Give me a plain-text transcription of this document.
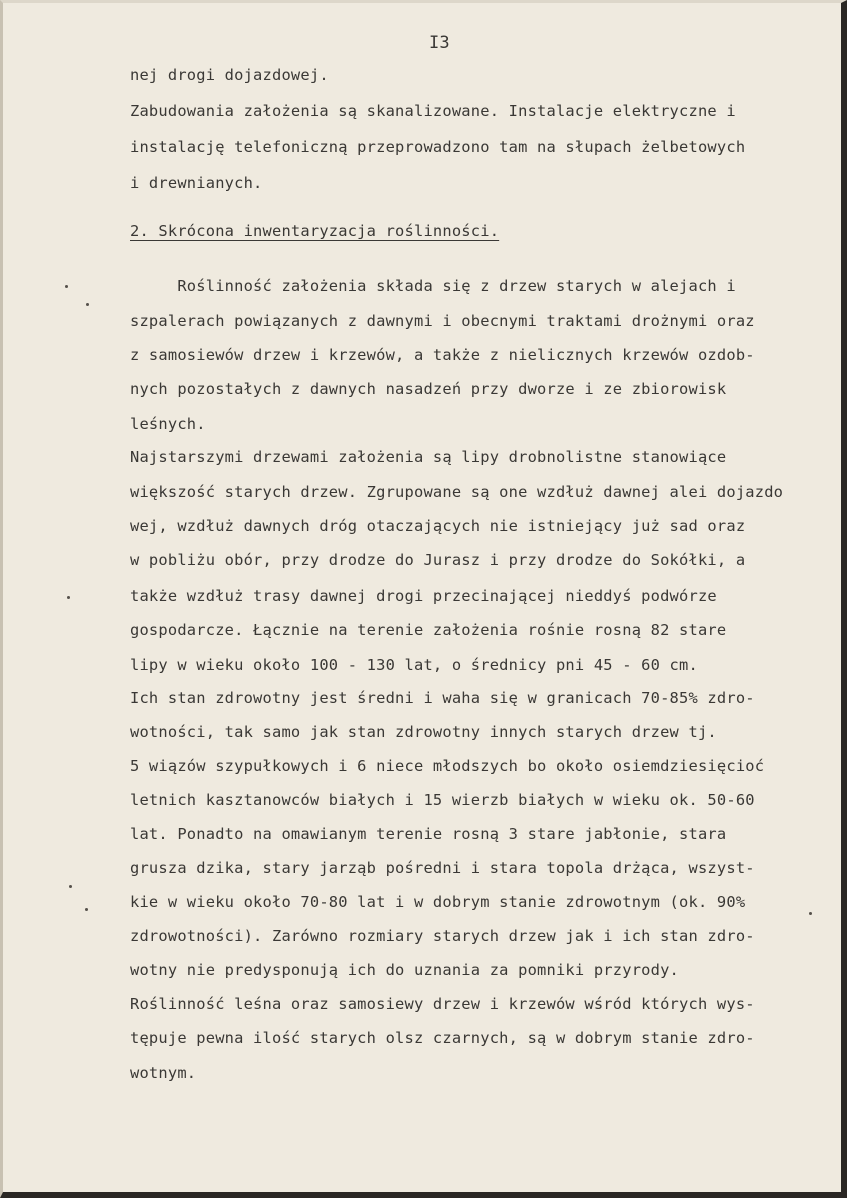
I3
nej drogi dojazdowej.
Zabudowania założenia są skanalizowane. Instalacje elektryczne i
instalację telefoniczną przeprowadzono tam na słupach żelbetowych
i drewnianych.
2. Skrócona inwentaryzacja roślinności.
Roślinność założenia składa się z drzew starych w alejach i
szpalerach powiązanych z dawnymi i obecnymi traktami drożnymi oraz
z samosiewów drzew i krzewów, a także z nielicznych krzewów ozdob-
nych pozostałych z dawnych nasadzeń przy dworze i ze zbiorowisk
leśnych.
Najstarszymi drzewami założenia są lipy drobnolistne stanowiące
większość starych drzew. Zgrupowane są one wzdłuż dawnej alei dojazdo
wej, wzdłuż dawnych dróg otaczających nie istniejący już sad oraz
w pobliżu obór, przy drodze do Jurasz i przy drodze do Sokółki, a
także wzdłuż trasy dawnej drogi przecinającej nieddyś podwórze
gospodarcze. Łącznie na terenie założenia rośnie rosną 82 stare
lipy w wieku około 100 - 130 lat, o średnicy pni 45 - 60 cm.
Ich stan zdrowotny jest średni i waha się w granicach 70-85% zdro-
wotności, tak samo jak stan zdrowotny innych starych drzew tj.
5 wiązów szypułkowych i 6 niece młodszych bo około osiemdziesięcioć
letnich kasztanowców białych i 15 wierzb białych w wieku ok. 50-60
lat. Ponadto na omawianym terenie rosną 3 stare jabłonie, stara
grusza dzika, stary jarząb pośredni i stara topola drżąca, wszyst-
kie w wieku około 70-80 lat i w dobrym stanie zdrowotnym (ok. 90%
zdrowotności). Zarówno rozmiary starych drzew jak i ich stan zdro-
wotny nie predysponują ich do uznania za pomniki przyrody.
Roślinność leśna oraz samosiewy drzew i krzewów wśród których wys-
tępuje pewna ilość starych olsz czarnych, są w dobrym stanie zdro-
wotnym.
